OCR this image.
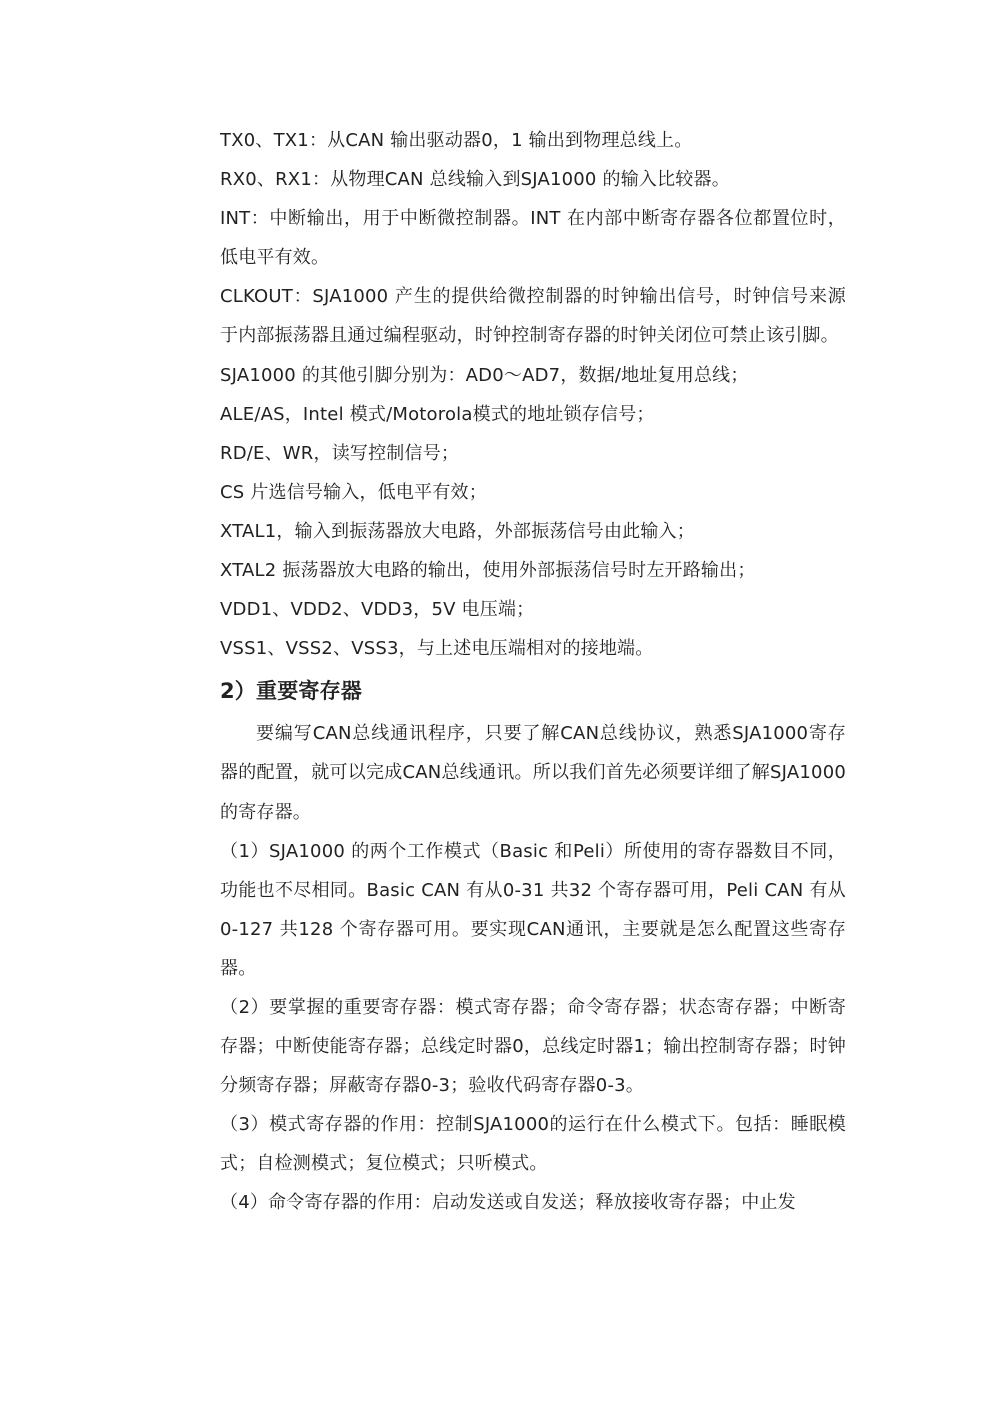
TX0、TX1：从CAN 输出驱动器0，1 输出到物理总线上。

RX0、RX1：从物理CAN 总线输入到SJA1000 的输入比较器。

INT：中断输出，用于中断微控制器。INT 在内部中断寄存器各位都置位时，低电平有效。

CLKOUT：SJA1000 产生的提供给微控制器的时钟输出信号，时钟信号来源于内部振荡器且通过编程驱动，时钟控制寄存器的时钟关闭位可禁止该引脚。

SJA1000 的其他引脚分别为：AD0～AD7，数据/地址复用总线；

ALE/AS，Intel 模式/Motorola模式的地址锁存信号；

RD/E、WR，读写控制信号；

CS 片选信号输入，低电平有效；

XTAL1，输入到振荡器放大电路，外部振荡信号由此输入；

XTAL2 振荡器放大电路的输出，使用外部振荡信号时左开路输出；

VDD1、VDD2、VDD3，5V 电压端；

VSS1、VSS2、VSS3，与上述电压端相对的接地端。

2）重要寄存器

要编写CAN总线通讯程序，只要了解CAN总线协议，熟悉SJA1000寄存器的配置，就可以完成CAN总线通讯。所以我们首先必须要详细了解SJA1000的寄存器。

（1）SJA1000 的两个工作模式（Basic 和Peli）所使用的寄存器数目不同，功能也不尽相同。Basic CAN 有从0-31 共32 个寄存器可用，Peli CAN 有从0-127 共128 个寄存器可用。要实现CAN通讯，主要就是怎么配置这些寄存器。

（2）要掌握的重要寄存器：模式寄存器；命令寄存器；状态寄存器；中断寄存器；中断使能寄存器；总线定时器0，总线定时器1；输出控制寄存器；时钟分频寄存器；屏蔽寄存器0-3；验收代码寄存器0-3。

（3）模式寄存器的作用：控制SJA1000的运行在什么模式下。包括：睡眠模式；自检测模式；复位模式；只听模式。

（4）命令寄存器的作用：启动发送或自发送；释放接收寄存器；中止发
